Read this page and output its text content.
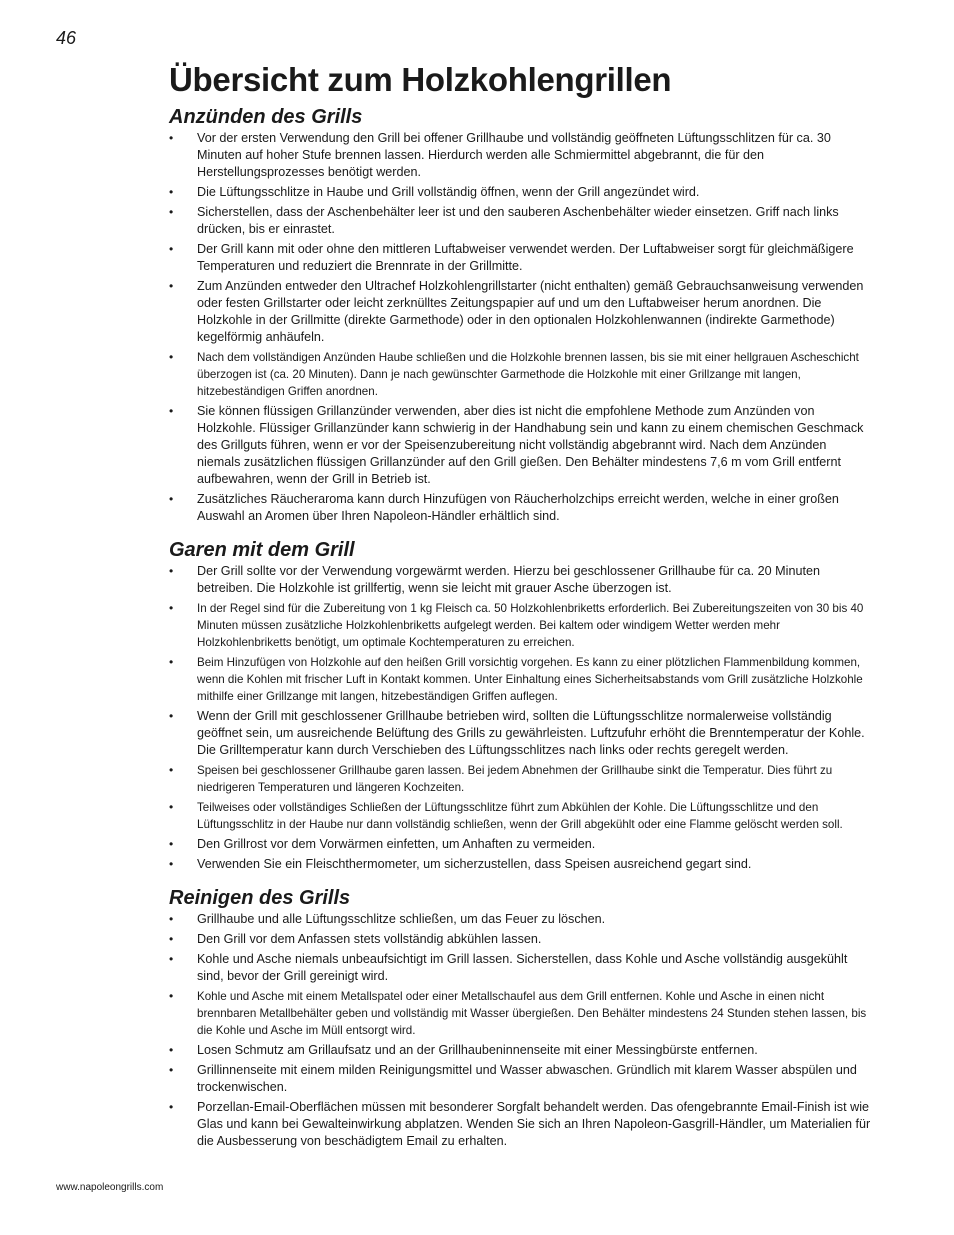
46
Übersicht zum Holzkohlengrillen
Anzünden des Grills
• Vor der ersten Verwendung den Grill bei offener Grillhaube und vollständig geöffneten Lüftungsschlitzen für ca. 30 Minuten auf hoher Stufe brennen lassen. Hierdurch werden alle Schmiermittel abgebrannt, die für den Herstellungsprozesses benötigt werden.
• Die Lüftungsschlitze in Haube und Grill vollständig öffnen, wenn der Grill angezündet wird.
• Sicherstellen, dass der Aschenbehälter leer ist und den sauberen Aschenbehälter wieder einsetzen. Griff nach links drücken, bis er einrastet.
• Der Grill kann mit oder ohne den mittleren Luftabweiser verwendet werden. Der Luftabweiser sorgt für gleichmäßigere Temperaturen und reduziert die Brennrate in der Grillmitte.
• Zum Anzünden entweder den Ultrachef Holzkohlengrillstarter (nicht enthalten) gemäß Gebrauchsanweisung verwenden oder festen Grillstarter oder leicht zerknülltes Zeitungspapier auf und um den Luftabweiser herum anordnen. Die Holzkohle in der Grillmitte (direkte Garmethode) oder in den optionalen Holzkohlenwannen (indirekte Garmethode) kegelförmig anhäufeln.
• Nach dem vollständigen Anzünden Haube schließen und die Holzkohle brennen lassen, bis sie mit einer hellgrauen Ascheschicht überzogen ist (ca. 20 Minuten). Dann je nach gewünschter Garmethode die Holzkohle mit einer Grillzange mit langen, hitzebeständigen Griffen anordnen.
• Sie können flüssigen Grillanzünder verwenden, aber dies ist nicht die empfohlene Methode zum Anzünden von Holzkohle. Flüssiger Grillanzünder kann schwierig in der Handhabung sein und kann zu einem chemischen Geschmack des Grillguts führen, wenn er vor der Speisenzubereitung nicht vollständig abgebrannt wird. Nach dem Anzünden niemals zusätzlichen flüssigen Grillanzünder auf den Grill gießen. Den Behälter mindestens 7,6 m vom Grill entfernt aufbewahren, wenn der Grill in Betrieb ist.
• Zusätzliches Räucheraroma kann durch Hinzufügen von Räucherholzchips erreicht werden, welche in einer großen Auswahl an Aromen über Ihren Napoleon-Händler erhältlich sind.
Garen mit dem Grill
• Der Grill sollte vor der Verwendung vorgewärmt werden. Hierzu bei geschlossener Grillhaube für ca. 20 Minuten betreiben. Die Holzkohle ist grillfertig, wenn sie leicht mit grauer Asche überzogen ist.
• In der Regel sind für die Zubereitung von 1 kg Fleisch ca. 50 Holzkohlenbriketts erforderlich. Bei Zubereitungszeiten von 30 bis 40 Minuten müssen zusätzliche Holzkohlenbriketts aufgelegt werden. Bei kaltem oder windigem Wetter werden mehr Holzkohlenbriketts benötigt, um optimale Kochtemperaturen zu erreichen.
• Beim Hinzufügen von Holzkohle auf den heißen Grill vorsichtig vorgehen. Es kann zu einer plötzlichen Flammenbildung kommen, wenn die Kohlen mit frischer Luft in Kontakt kommen. Unter Einhaltung eines Sicherheitsabstands vom Grill zusätzliche Holzkohle mithilfe einer Grillzange mit langen, hitzebeständigen Griffen auflegen.
• Wenn der Grill mit geschlossener Grillhaube betrieben wird, sollten die Lüftungsschlitze normalerweise vollständig geöffnet sein, um ausreichende Belüftung des Grills zu gewährleisten. Luftzufuhr erhöht die Brenntemperatur der Kohle. Die Grilltemperatur kann durch Verschieben des Lüftungsschlitzes nach links oder rechts geregelt werden.
• Speisen bei geschlossener Grillhaube garen lassen. Bei jedem Abnehmen der Grillhaube sinkt die Temperatur. Dies führt zu niedrigeren Temperaturen und längeren Kochzeiten.
• Teilweises oder vollständiges Schließen der Lüftungsschlitze führt zum Abkühlen der Kohle. Die Lüftungsschlitze und den Lüftungsschlitz in der Haube nur dann vollständig schließen, wenn der Grill abgekühlt oder eine Flamme gelöscht werden soll.
• Den Grillrost vor dem Vorwärmen einfetten, um Anhaften zu vermeiden.
• Verwenden Sie ein Fleischthermometer, um sicherzustellen, dass Speisen ausreichend gegart sind.
Reinigen des Grills
• Grillhaube und alle Lüftungsschlitze schließen, um das Feuer zu löschen.
• Den Grill vor dem Anfassen stets vollständig abkühlen lassen.
• Kohle und Asche niemals unbeaufsichtigt im Grill lassen. Sicherstellen, dass Kohle und Asche vollständig ausgekühlt sind, bevor der Grill gereinigt wird.
• Kohle und Asche mit einem Metallspatel oder einer Metallschaufel aus dem Grill entfernen. Kohle und Asche in einen nicht brennbaren Metallbehälter geben und vollständig mit Wasser übergießen. Den Behälter mindestens 24 Stunden stehen lassen, bis die Kohle und Asche im Müll entsorgt wird.
• Losen Schmutz am Grillaufsatz und an der Grillhaubeninnenseite mit einer Messingbürste entfernen.
• Grillinnenseite mit einem milden Reinigungsmittel und Wasser abwaschen. Gründlich mit klarem Wasser abspülen und trockenwischen.
• Porzellan-Email-Oberflächen müssen mit besonderer Sorgfalt behandelt werden. Das ofengebrannte Email-Finish ist wie Glas und kann bei Gewalteinwirkung abplatzen. Wenden Sie sich an Ihren Napoleon-Gasgrill-Händler, um Materialien für die Ausbesserung von beschädigtem Email zu erhalten.
www.napoleongrills.com
